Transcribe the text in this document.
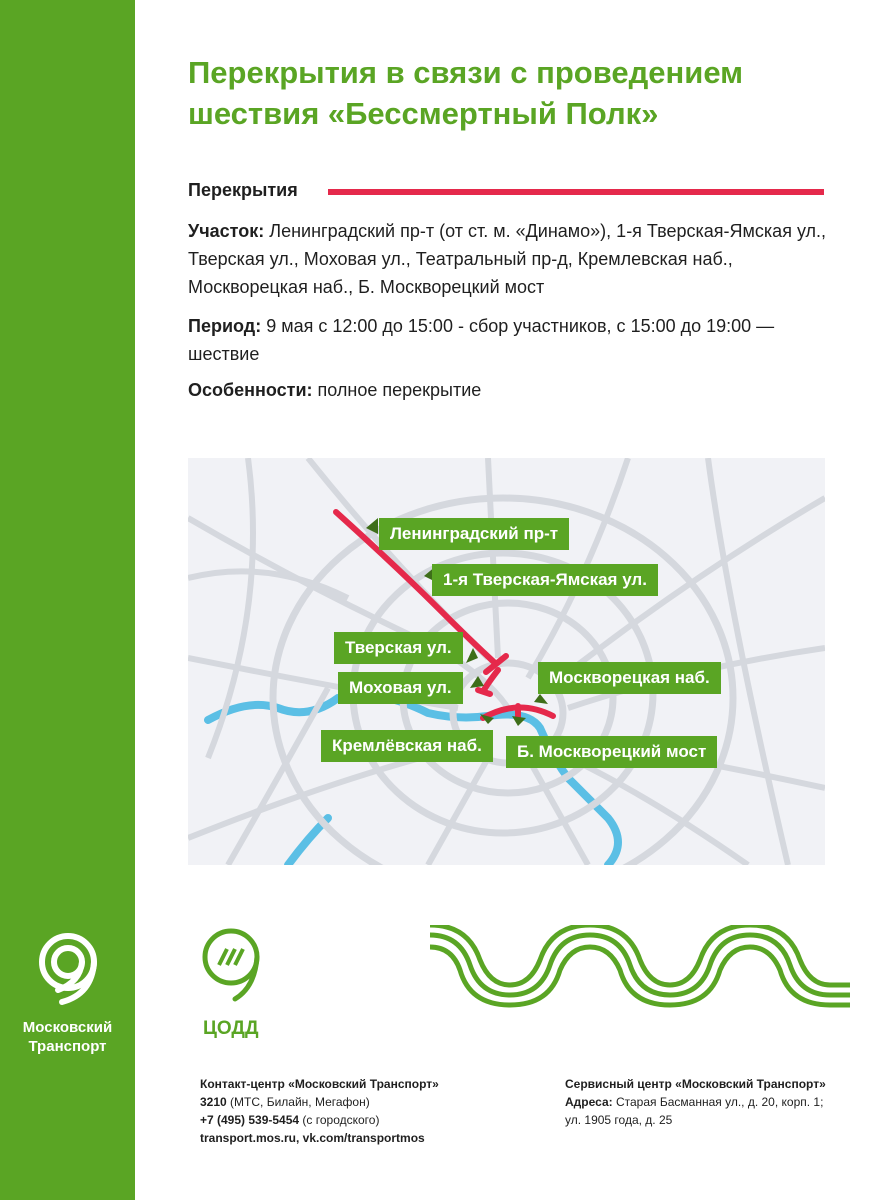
Московский
Транспорт
Перекрытия в связи с проведением шествия «Бессмертный Полк»
Перекрытия

Участок: Ленинградский пр-т (от ст. м. «Динамо»), 1-я Тверская-Ямская ул., Тверская ул., Моховая ул., Театральный пр-д, Кремлевская наб., Москворецкая наб., Б. Москворецкий мост

Период: 9 мая с 12:00 до 15:00 - сбор участников, с 15:00 до 19:00 — шествие

Особенности: полное перекрытие

Ленинградский пр-т
1-я Тверская-Ямская ул.
Тверская ул.
Моховая ул.
Москворецкая наб.
Кремлёвская наб.	Б. Москворецкий мост
ЦОДД
Контакт-центр «Московский Транспорт»
3210 (МТС, Билайн, Мегафон)
+7 (495) 539-5454 (с городского)
transport.mos.ru, vk.com/transportmos
Сервисный центр «Московский Транспорт»
Адреса: Старая Басманная ул., д. 20, корп. 1;
ул. 1905 года, д. 25
